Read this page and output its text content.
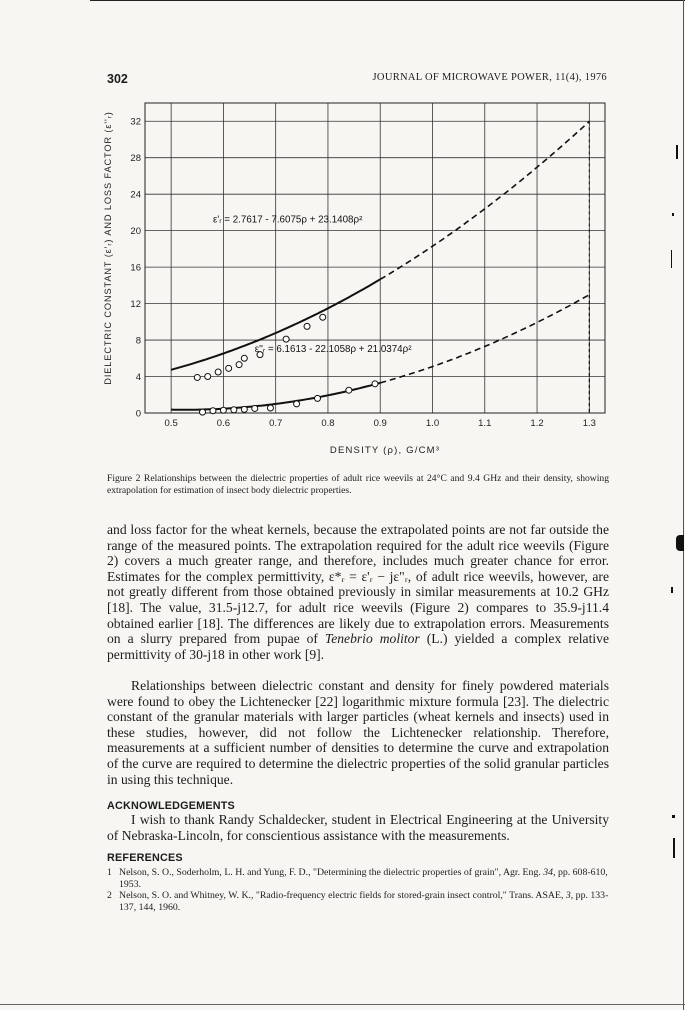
302	JOURNAL OF MICROWAVE POWER, 11(4), 1976
0.5	0.6	0.7	0.8	0.9	1.0	1.1	1.2	1.3
0
4
8
12
16
20
24
28
32
DENSITY (ρ), G/CM³
DIELECTRIC CONSTANT (ε'ᵣ) AND LOSS FACTOR (ε''ᵣ)	ε'ᵣ = 2.7617 - 7.6075ρ + 23.1408ρ²
ε''ᵣ = 6.1613 - 22.1058ρ + 21.0374ρ²
Figure 2 Relationships between the dielectric properties of adult rice weevils at 24°C and 9.4 GHz and their density, showing extrapolation for estimation of insect body dielectric properties.

and loss factor for the wheat kernels, because the extrapolated points are not far outside the range of the measured points. The extrapolation required for the adult rice weevils (Figure 2) covers a much greater range, and therefore, includes much greater chance for error. Estimates for the complex permittivity, ε*ᵣ = ε'ᵣ − jε"ᵣ, of adult rice weevils, however, are not greatly different from those obtained previously in similar measurements at 10.2 GHz [18]. The value, 31.5-j12.7, for adult rice weevils (Figure 2) compares to 35.9-j11.4 obtained earlier [18]. The differences are likely due to extrapolation errors. Measurements on a slurry prepared from pupae of Tenebrio molitor (L.) yielded a complex relative permittivity of 30-j18 in other work [9].

Relationships between dielectric constant and density for finely powdered materials were found to obey the Lichtenecker [22] logarithmic mixture formula [23]. The dielectric constant of the granular materials with larger particles (wheat kernels and insects) used in these studies, however, did not follow the Lichtenecker relationship. Therefore, measurements at a sufficient number of densities to determine the curve and extrapolation of the curve are required to determine the dielectric properties of the solid granular particles in using this technique.

ACKNOWLEDGEMENTS

I wish to thank Randy Schaldecker, student in Electrical Engineering at the University of Nebraska-Lincoln, for conscientious assistance with the measurements.

REFERENCES
1 Nelson, S. O., Soderholm, L. H. and Yung, F. D., "Determining the dielectric properties of grain", Agr. Eng. 34, pp. 608-610, 1953.
2 Nelson, S. O. and Whitney, W. K., "Radio-frequency electric fields for stored-grain insect control," Trans. ASAE, 3, pp. 133-137, 144, 1960.
